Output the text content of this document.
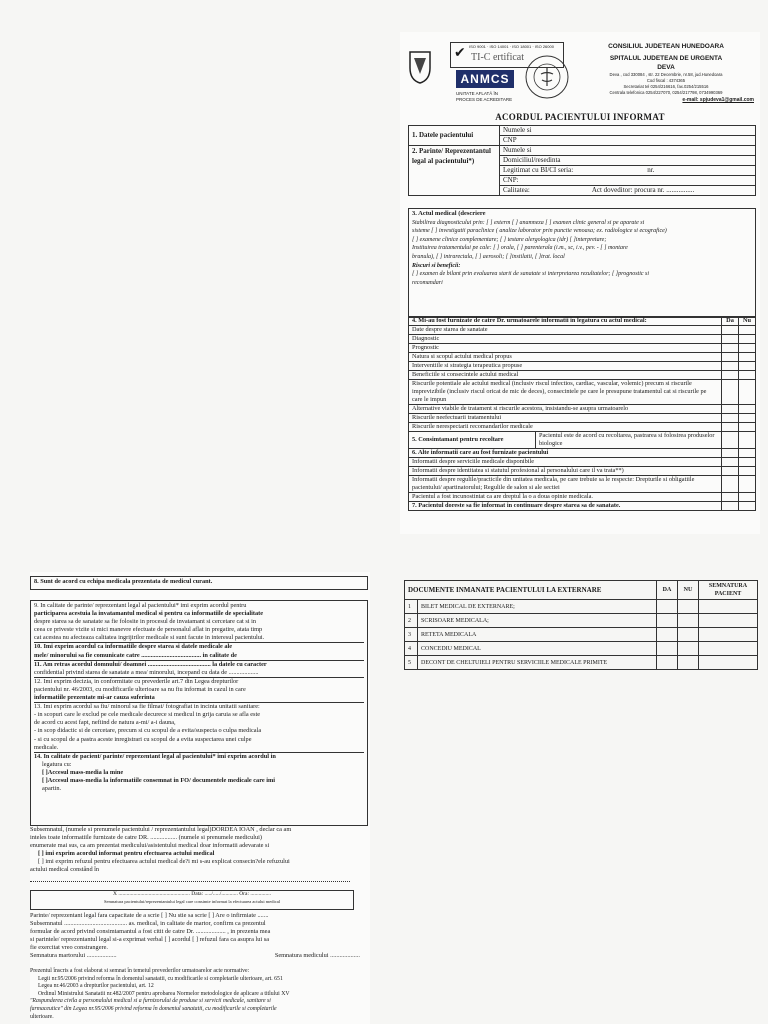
✔ ISO 9001 · ISO 14001 · ISO 18001 · ISO 26000
TI-C ertificat
ANMCS
UNITATE AFLATĂ ÎN
PROCES DE ACREDITARE
CONSILIUL JUDETEAN HUNEDOARA
SPITALUL JUDETEAN DE URGENTA
DEVA
Deva , cod 330084 , str. 22 Decembrie, nr.58, jud.Hunedoara
Cod fiscal : 4374365
Secretariat tel 0254/216616, fax.0254/215516
Centrala telefonica 0254/227070, 0254/217798, 0734990369
e-mail: spjudeva1@gmail.com
ACORDUL PACIENTULUI INFORMAT
1. Datele pacientului	Numele si
	CNP
2. Parinte/ Reprezentantul legal al pacientului*)	Numele si
	Domiciliul/resedinta
	Legitimat cu BI/CI seria: nr.
	CNP:
	Calitatea: Act doveditor: procura nr. ................
3. Actul medical (descriere
Stabilirea diagnosticului prin: [ ] exterm [ ] anamneza [ ] examen clinic general si pe aparate si
sisteme [ ] investigatii paraclinice ( analize laborator prin punctie venoasa; ex. radiologice si ecografice)
[ ] examene clinice complementare; [ ] testare alergologica (idr) [ ]interpretare;
Instituirea tratamentului pe cale: [ ] orala, [ ] parenterala (i.m., sc, i.v., pev. - [ ] montare
branula), [ ] intrarectala, [ ] aerosoli; [ ]instilatii, [ ]trat. local
Riscuri si beneficii:
[ ] examen de bilant prin evaluarea starii de sanatate si interpretarea rezultatelor; [ ]prognostic si
recomandari
4. Mi-au fost furnizate de catre Dr. urmatoarele informatii in legatura cu actul medical:		Da	Nu
Date despre starea de sanatate			
Diagnostic			
Prognostic			
Natura si scopul actului medical propus			
Interventiile si strategia terapeutica propuse			
Beneficiile si consecintele actului medical			
Riscurile potentiale ale actului medical (inclusiv riscul infectios, cardiac, vascular, volemic) precum si riscurile imprevizibile (inclusiv riscul oricat de mic de deces), consecintele pe care le presupune tratamentul cat si riscurile pe care le impun			
Alternative viabile de tratament si riscurile acestora, insistandu-se asupra urmatoarelo			
Riscurile neefectuarii tratamentului			
Riscurile nerespectarii recomandarilor medicale			
5. Consimtamant pentru recoltare	Pacientul este de acord cu recoltarea, pastrarea si folosirea produselor biologice		
6. Alte informatii care au fost furnizate pacientului			
Informatii despre serviciile medicale disponibile			
Informatii despre identitatea si statutul profesional al personalului care il va trata**)			
Informatii despre regulile/practicile din unitatea medicala, pe care trebuie sa le respecte: Drepturile si obligatiile pacientului/ apartinatorului; Regulile de salon si ale sectiei			
Pacientul a fost incunostintat ca are dreptul la o a doua opinie medicala.			
7. Pacientul doreste sa fie informat in continuare despre starea sa de sanatate.			
DOCUMENTE INMANATE PACIENTULUI LA EXTERNARE		DA	NU	SEMNATURA PACIENT
1	BILET MEDICAL DE EXTERNARE;			
2	SCRISOARE MEDICALA;			
3	RETETA MEDICALA			
4	CONCEDIU MEDICAL			
5	DECONT DE CHELTUIELI PENTRU SERVICIILE MEDICALE PRIMITE			
8. Sunt de acord cu echipa medicala prezentata de medicul curant.
9. In calitate de parinte/ reprezentant legal al pacientului* imi exprim acordul pentru
participarea acestuia la invatamantul medical si pentru ca informatiile de specialitate
despre starea sa de sanatate sa fie folosite in procesul de invatamant si cercetare cat si in
ceea ce priveste vizite si mici manevre efectuate de personalul aflat in pregatire, atata timp
cat acestea nu afecteaza calitatea ingrijirilor medicale si sunt facute in interesul pacientului.
10. Imi exprim acordul ca informatiile despre starea si datele medicale ale
mele/ minorului sa fie comunicate catre ...................................... in calitate de
11. Am retras acordul domnului/ doamnei ........................................ la datele cu caracter
confidential privind starea de sanatate a mea/ minorului, incepand cu data de ...................
12. Imi exprim decizia, in conformitate cu prevederile art.7 din Legea drepturilor
pacientului nr. 46/2003, cu modificarile ulterioare sa nu fiu informat in cazul in care
informatiile prezentate mi-ar cauza suferinta
13. Imi exprim acordul sa fiu/ minorul sa fie filmat/ fotografiat in incinta unitatii sanitare:
- in scopuri care le exclud pe cele medicale decurece si medicul in grija caruia se afla este
de acord cu acest fapt, nefiind de natura a-mi/ a-i dauna,
- in scop didactic si de cercetare, precum si cu scopul de a evita/suspecta o culpa medicala
- si cu scopul de a pastra aceste inregistrari cu scopul de a evita suspectarea unei culpe
medicale.
14. In calitate de pacient/ parinte/ reprezentant legal al pacientului* imi exprim acordul in
legatura cu:
[ ]Accesul mass-media la mine
[ ]Accesul mass-media la informatiile consemnat in FO/ documentele medicale care imi
apartin.
Subsemnatul, (numele si prenumele pacientului / reprezentantului legal)DORDEA IOAN , declar ca am
inteles toate informatiile furnizate de catre DR. ................. (numele si prenumele medicului)
enumerate mai sus, ca am prezentat medicului/asistentului medical doar informatii adevarate si
[ ] imi exprim acordul informat pentru efectuarea actului medical
[ ] imi exprim refuzul pentru efectuarea actului medical de?i mi s-au explicat consecin?ele refuzului
actului medical constând în
X .................................................... Data: ...../...../............ Ora: ...............
Semnatura pacientului/reprezentantului legal care consimte informat la efectuarea actului medical
Parinte/ reprezentant legal fara capacitate de a scrie [ ] Nu stie sa scrie [ ] Are o infirmiate .......
Subsemnatul ........................................ as. medical, in calitate de martor, confirm ca prezentul
formular de acord privind consimtamantul a fost citit de catre Dr. ................... , in prezenta mea
si parintele/ reprezentantul legal si-a exprimat verbal [ ] acordul [ ] refuzul fara ca asupra lui sa
fie exercitat vreo constrangere.
Semnatura martorului ...................	Semnatura medicului ...................
Prezentul înscris a fost elaborat si semnat în temeiul prevederilor urmatoarelor acte normative:
Legii nr.95/2006 privind reforma în domeniul sanatatii, cu modificarile si completarile ulterioare, art. 651
Legea nr.46/2003 a drepturilor pacientului, art. 12
Ordinul Ministrului Sanatatii nr.482/2007 pentru aprobarea Normelor metodologice de aplicare a titlului XV
"Raspunderea civila a personalului medical si a furnizorului de produse si servicii medicale, sanitare si
farmaceutice" din Legea nr.95/2006 privind reforma în domeniul sanatatii, cu modificarile si completarile
ulterioare.
